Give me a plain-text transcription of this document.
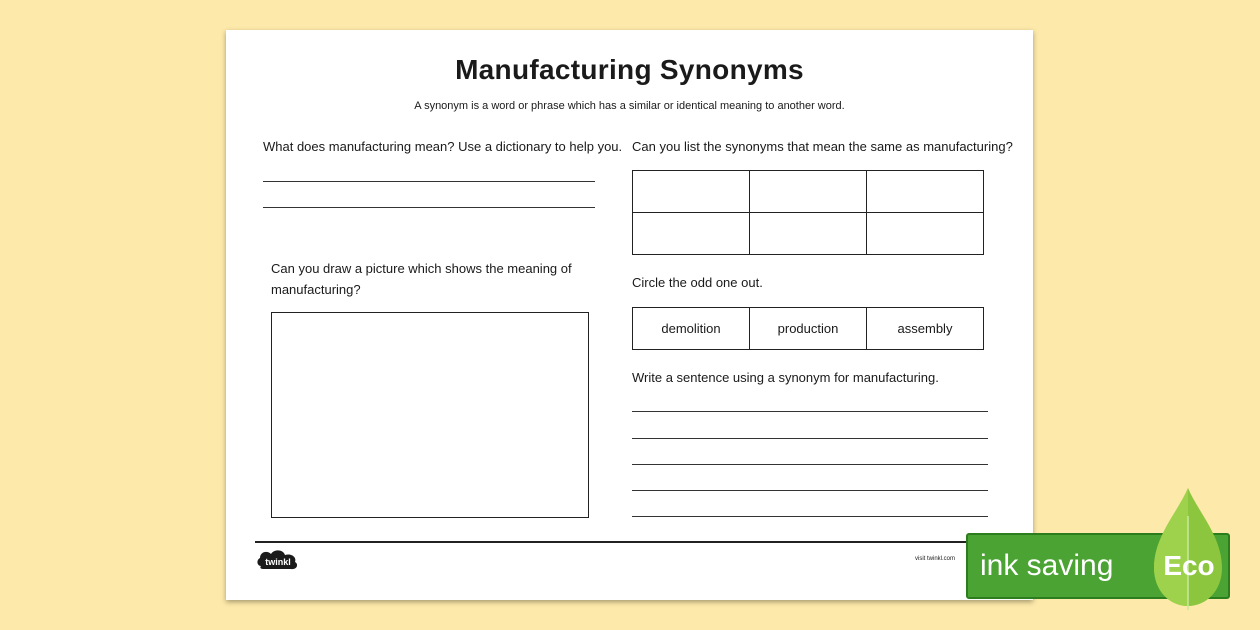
Manufacturing Synonyms
A synonym is a word or phrase which has a similar or identical meaning to another word.
What does manufacturing mean? Use a dictionary to help you. Can you list the synonyms that mean the same as manufacturing?
Can you draw a picture which shows the meaning of
manufacturing?	Circle the odd one out.
demolition	production	assembly
Write a sentence using a synonym for manufacturing.
twinkl	visit twinkl.com ink saving Eco
